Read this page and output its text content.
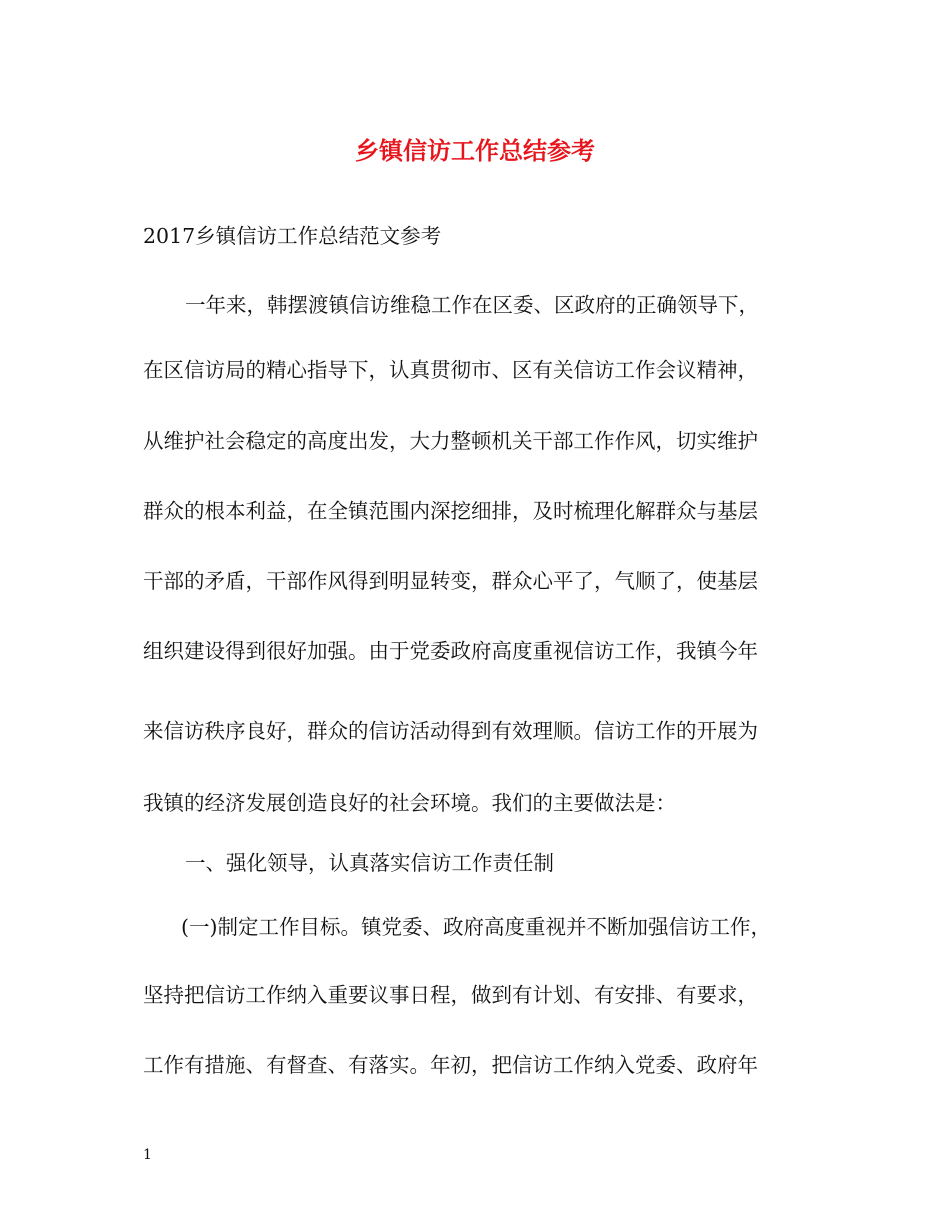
乡镇信访工作总结参考
2017乡镇信访工作总结范文参考
一年来，韩摆渡镇信访维稳工作在区委、区政府的正确领导下，
在区信访局的精心指导下，认真贯彻市、区有关信访工作会议精神，
从维护社会稳定的高度出发，大力整顿机关干部工作作风，切实维护
群众的根本利益，在全镇范围内深挖细排，及时梳理化解群众与基层
干部的矛盾，干部作风得到明显转变，群众心平了，气顺了，使基层
组织建设得到很好加强。由于党委政府高度重视信访工作，我镇今年
来信访秩序良好，群众的信访活动得到有效理顺。信访工作的开展为
我镇的经济发展创造良好的社会环境。我们的主要做法是：
一、强化领导，认真落实信访工作责任制
(一)制定工作目标。镇党委、政府高度重视并不断加强信访工作，
坚持把信访工作纳入重要议事日程，做到有计划、有安排、有要求，
工作有措施、有督查、有落实。年初，把信访工作纳入党委、政府年
1
